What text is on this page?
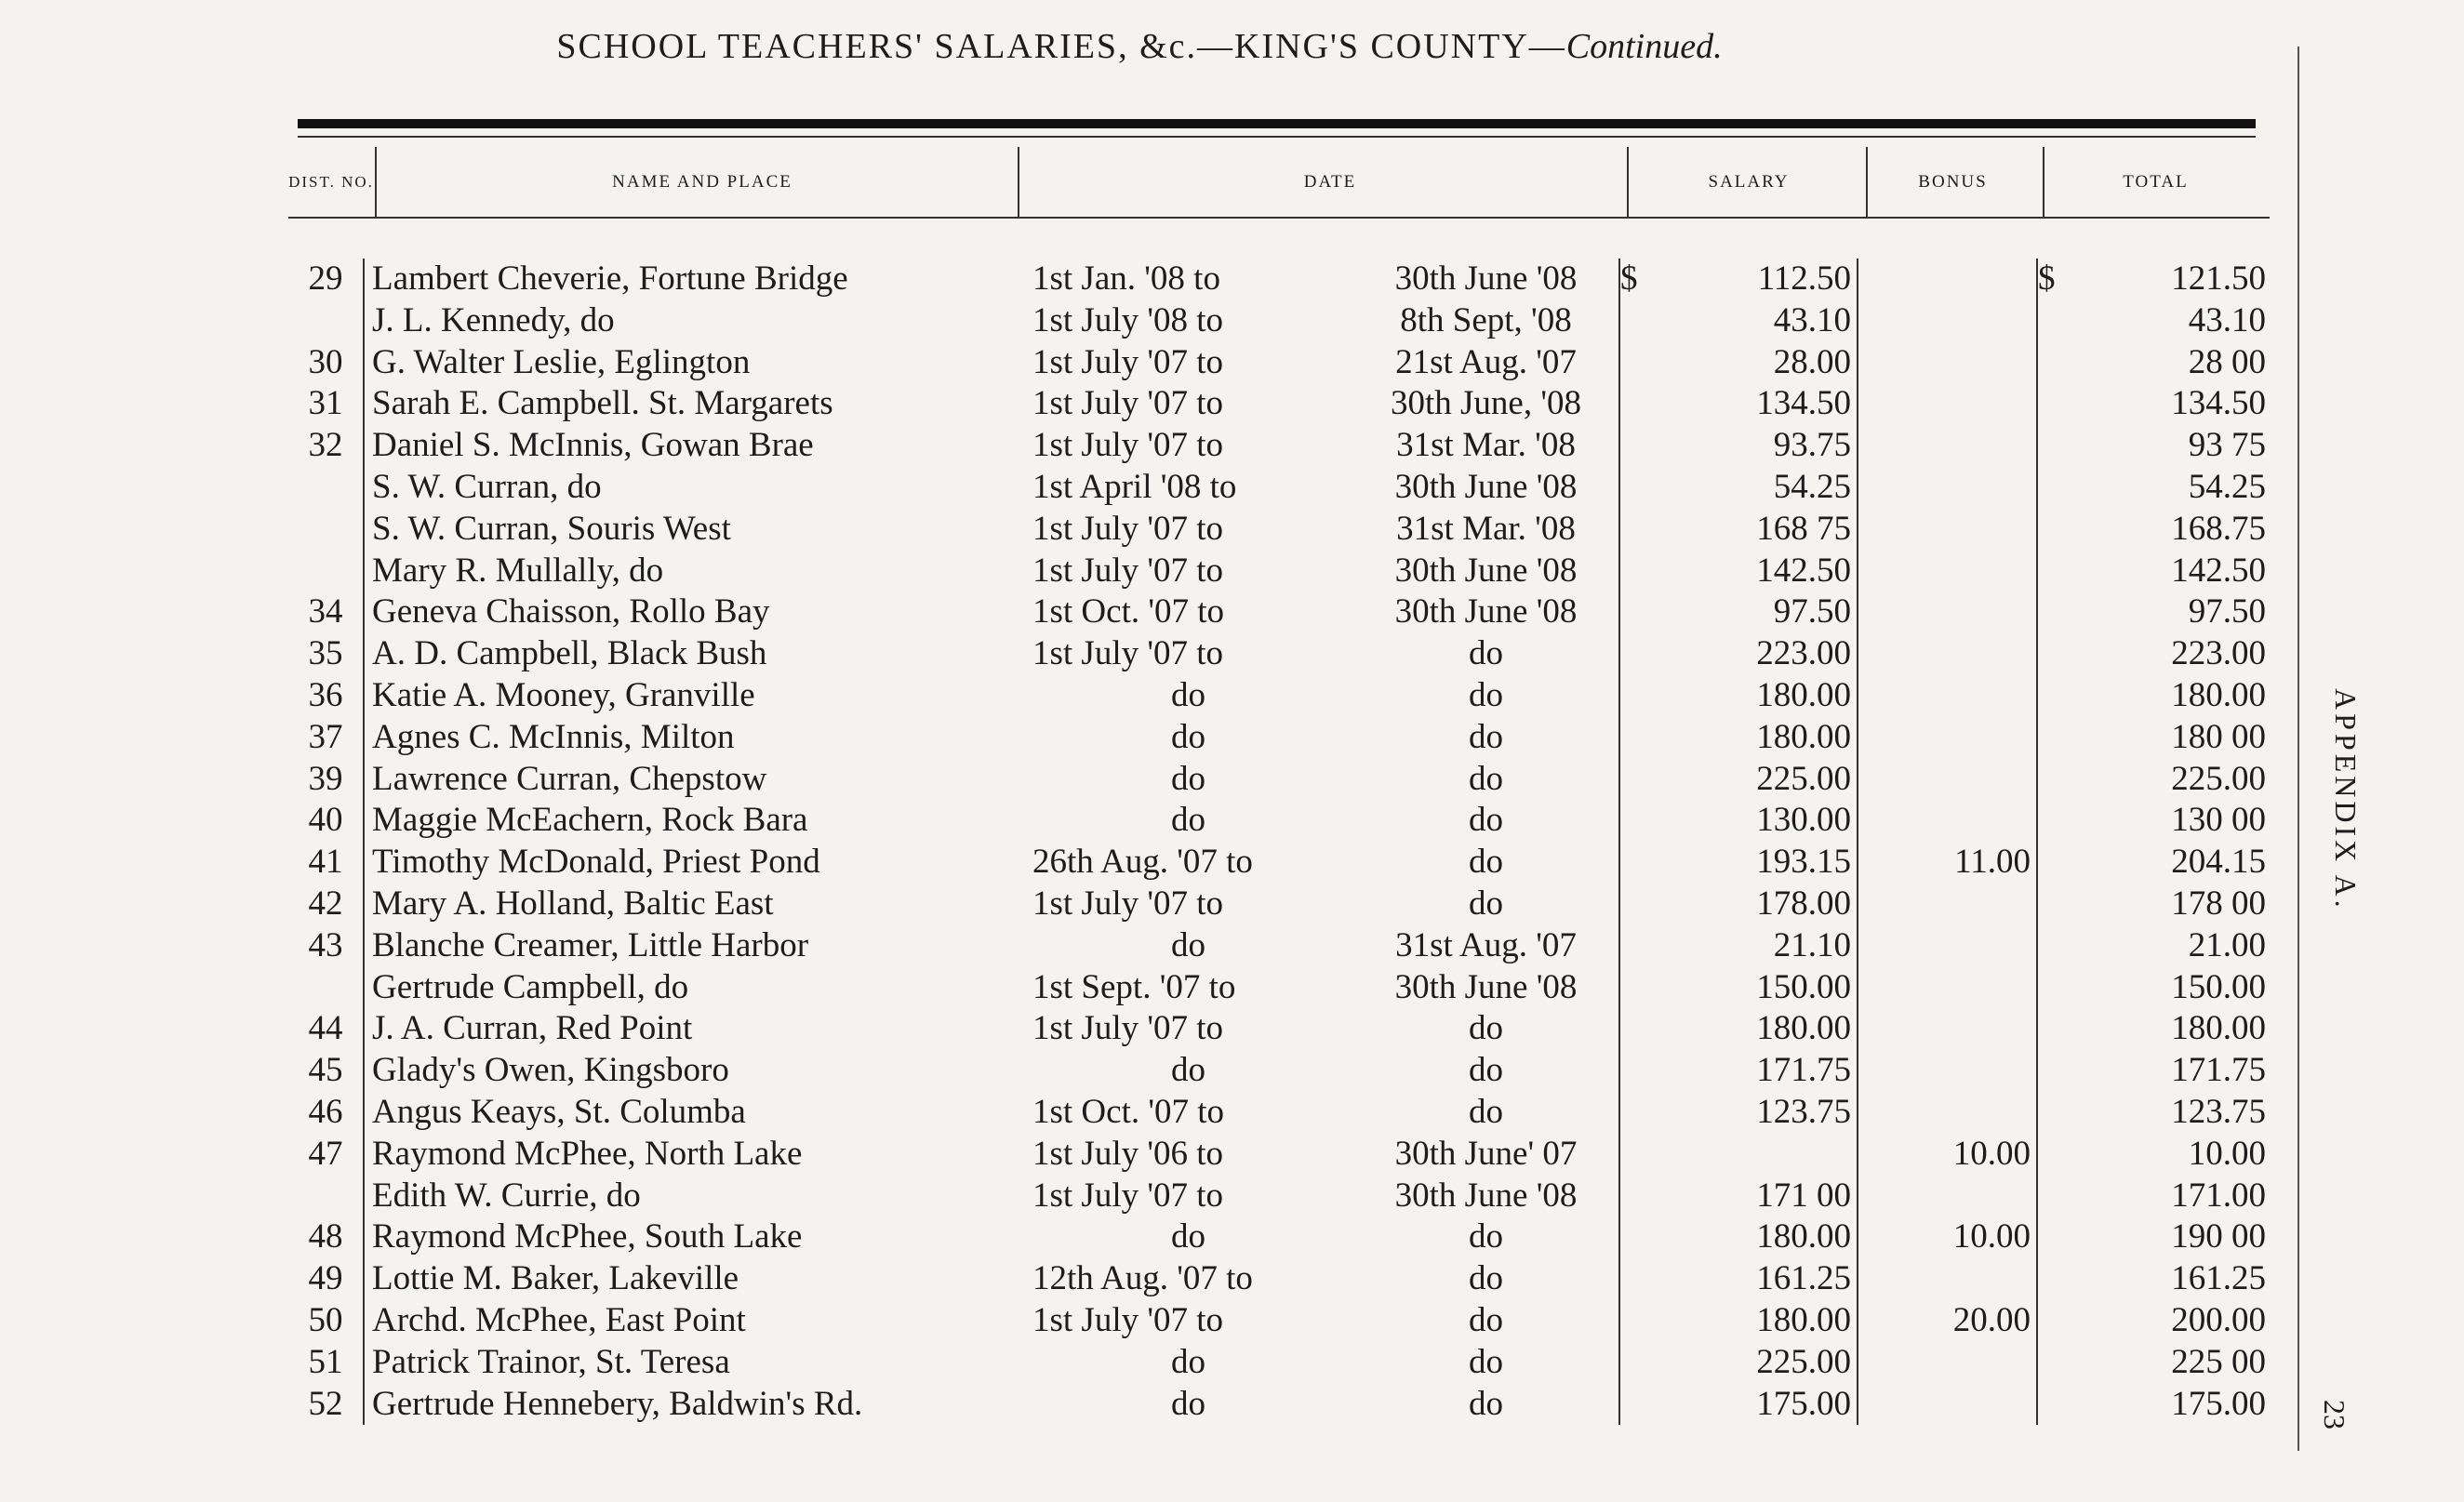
SCHOOL TEACHERS' SALARIES, &c.—KING'S COUNTY—Continued.
DIST. NO.	NAME AND PLACE	DATE	SALARY	BONUS	TOTAL
29	Lambert Cheverie, Fortune Bridge	1st Jan. '08 to	30th June '08	$ 112.50		$ 121.50
	J. L. Kennedy, do	1st July '08 to	8th Sept, '08	43.10		43.10
30	G. Walter Leslie, Eglington	1st July '07 to	21st Aug. '07	28.00		28 00
31	Sarah E. Campbell. St. Margarets	1st July '07 to	30th June, '08	134.50		134.50
32	Daniel S. McInnis, Gowan Brae	1st July '07 to	31st Mar. '08	93.75		93 75
	S. W. Curran, do	1st April '08 to	30th June '08	54.25		54.25
	S. W. Curran, Souris West	1st July '07 to	31st Mar. '08	168 75		168.75
	Mary R. Mullally, do	1st July '07 to	30th June '08	142.50		142.50
34	Geneva Chaisson, Rollo Bay	1st Oct. '07 to	30th June '08	97.50		97.50
35	A. D. Campbell, Black Bush	1st July '07 to	do	223.00		223.00
36	Katie A. Mooney, Granville	do	do	180.00		180.00
37	Agnes C. McInnis, Milton	do	do	180.00		180 00
39	Lawrence Curran, Chepstow	do	do	225.00		225.00
40	Maggie McEachern, Rock Bara	do	do	130.00		130 00
41	Timothy McDonald, Priest Pond	26th Aug. '07 to	do	193.15	11.00	204.15
42	Mary A. Holland, Baltic East	1st July '07 to	do	178.00		178 00
43	Blanche Creamer, Little Harbor	do	31st Aug. '07	21.10		21.00
	Gertrude Campbell, do	1st Sept. '07 to	30th June '08	150.00		150.00
44	J. A. Curran, Red Point	1st July '07 to	do	180.00		180.00
45	Glady's Owen, Kingsboro	do	do	171.75		171.75
46	Angus Keays, St. Columba	1st Oct. '07 to	do	123.75		123.75
47	Raymond McPhee, North Lake	1st July '06 to	30th June' 07		10.00	10.00
	Edith W. Currie, do	1st July '07 to	30th June '08	171 00		171.00
48	Raymond McPhee, South Lake	do	do	180.00	10.00	190 00
49	Lottie M. Baker, Lakeville	12th Aug. '07 to	do	161.25		161.25
50	Archd. McPhee, East Point	1st July '07 to	do	180.00	20.00	200.00
51	Patrick Trainor, St. Teresa	do	do	225.00		225 00
52	Gertrude Hennebery, Baldwin's Rd.	do	do	175.00		175.00
APPENDIX A.
23
